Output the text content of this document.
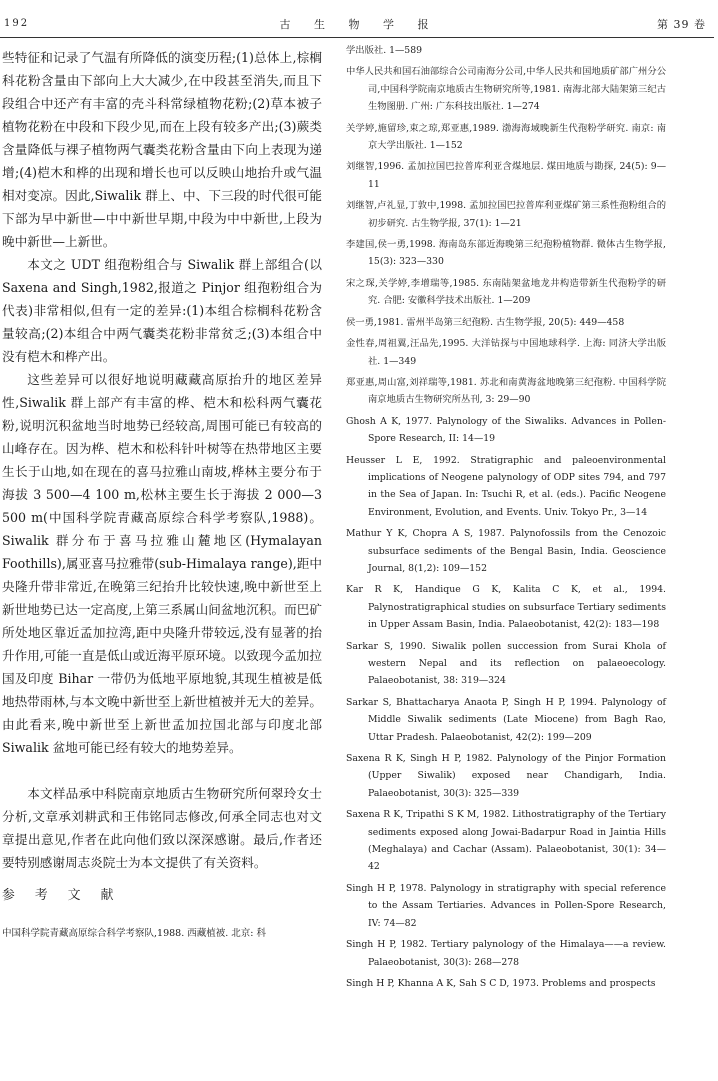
192	古 生 物 学 报	第 39 卷

些特征和记录了气温有所降低的演变历程;(1)总体上,棕榈科花粉含量由下部向上大大减少,在中段甚至消失,而且下段组合中还产有丰富的壳斗科常绿植物花粉;(2)草本被子植物花粉在中段和下段少见,而在上段有较多产出;(3)蕨类含量降低与裸子植物两气囊类花粉含量由下向上表现为递增;(4)桤木和桦的出现和增长也可以反映山地抬升或气温相对变凉。因此,Siwalik 群上、中、下三段的时代很可能下部为早中新世—中中新世早期,中段为中中新世,上段为晚中新世—上新世。

本文之 UDT 组孢粉组合与 Siwalik 群上部组合(以 Saxena and Singh,1982,报道之 Pinjor 组孢粉组合为代表)非常相似,但有一定的差异:(1)本组合棕榈科花粉含量较高;(2)本组合中两气囊类花粉非常贫乏;(3)本组合中没有桤木和桦产出。

这些差异可以很好地说明藏藏高原抬升的地区差异性,Siwalik 群上部产有丰富的桦、桤木和松科两气囊花粉,说明沉积盆地当时地势已经较高,周围可能已有较高的山峰存在。因为桦、桤木和松科针叶树等在热带地区主要生长于山地,如在现在的喜马拉雅山南坡,桦林主要分布于海拔 3 500—4 100 m,松林主要生长于海拔 2 000—3 500 m(中国科学院青藏高原综合科学考察队,1988)。Siwalik 群分布于喜马拉雅山麓地区(Hymalayan Foothills),属亚喜马拉雅带(sub-Himalaya range),距中央隆升带非常近,在晚第三纪抬升比较快速,晚中新世至上新世地势已达一定高度,上第三系属山间盆地沉积。而巴矿所处地区靠近孟加拉湾,距中央隆升带较远,没有显著的抬升作用,可能一直是低山或近海平原环境。以致现今孟加拉国及印度 Bihar 一带仍为低地平原地貌,其现生植被是低地热带雨林,与本文晚中新世至上新世植被并无大的差异。由此看来,晚中新世至上新世孟加拉国北部与印度北部 Siwalik 盆地可能已经有较大的地势差异。

本文样品承中科院南京地质古生物研究所何翠玲女士分析,文章承刘耕武和王伟铭同志修改,何承全同志也对文章提出意见,作者在此向他们致以深深感谢。最后,作者还要特别感谢周志炎院士为本文提供了有关资料。

参 考 文 献

中国科学院青藏高原综合科学考察队,1988. 西藏植被. 北京: 科

学出版社. 1—589

中华人民共和国石油部综合公司南海分公司,中华人民共和国地质矿部广州分公司,中国科学院南京地质古生物研究所等,1981. 南海北部大陆架第三纪古生物图册. 广州: 广东科技出版社. 1—274

关学婷,施留珍,束之琼,郑亚惠,1989. 渤海海域晚新生代孢粉学研究. 南京: 南京大学出版社. 1—152

刘继智,1996. 孟加拉国巴拉普库利亚含煤地层. 煤田地质与勘探, 24(5): 9—11

刘继智,卢礼显,丁敦中,1998. 孟加拉国巴拉普库利亚煤矿第三系性孢粉组合的初步研究. 古生物学报, 37(1): 1—21

李建国,侯一勇,1998. 海南岛东部近海晚第三纪孢粉植物群. 微体古生物学报, 15(3): 323—330

宋之琛,关学婷,李增瑞等,1985. 东南陆架盆地龙井构造带新生代孢粉学的研究. 合肥: 安徽科学技术出版社. 1—209

侯一勇,1981. 雷州半岛第三纪孢粉. 古生物学报, 20(5): 449—458

金性春,周祖翼,汪品先,1995. 大洋钻探与中国地球科学. 上海: 同济大学出版社. 1—349

郑亚惠,周山富,刘祥瑞等,1981. 苏北和南黄海盆地晚第三纪孢粉. 中国科学院南京地质古生物研究所丛刊, 3: 29—90

Ghosh A K, 1977. Palynology of the Siwaliks. Advances in Pollen-Spore Research, II: 14—19

Heusser L E, 1992. Stratigraphic and paleoenvironmental implications of Neogene palynology of ODP sites 794, and 797 in the Sea of Japan. In: Tsuchi R, et al. (eds.). Pacific Neogene Environment, Evolution, and Events. Univ. Tokyo Pr., 3—14

Mathur Y K, Chopra A S, 1987. Palynofossils from the Cenozoic subsurface sediments of the Bengal Basin, India. Geoscience Journal, 8(1,2): 109—152

Kar R K, Handique G K, Kalita C K, et al., 1994. Palynostratigraphical studies on subsurface Tertiary sediments in Upper Assam Basin, India. Palaeobotanist, 42(2): 183—198

Sarkar S, 1990. Siwalik pollen succession from Surai Khola of western Nepal and its reflection on palaeoecology. Palaeobotanist, 38: 319—324

Sarkar S, Bhattacharya Anaota P, Singh H P, 1994. Palynology of Middle Siwalik sediments (Late Miocene) from Bagh Rao, Uttar Pradesh. Palaeobotanist, 42(2): 199—209

Saxena R K, Singh H P, 1982. Palynology of the Pinjor Formation (Upper Siwalik) exposed near Chandigarh, India. Palaeobotanist, 30(3): 325—339

Saxena R K, Tripathi S K M, 1982. Lithostratigraphy of the Tertiary sediments exposed along Jowai-Badarpur Road in Jaintia Hills (Meghalaya) and Cachar (Assam). Palaeobotanist, 30(1): 34—42

Singh H P, 1978. Palynology in stratigraphy with special reference to the Assam Tertiaries. Advances in Pollen-Spore Research, IV: 74—82

Singh H P, 1982. Tertiary palynology of the Himalaya——a review. Palaeobotanist, 30(3): 268—278

Singh H P, Khanna A K, Sah S C D, 1973. Problems and prospects
